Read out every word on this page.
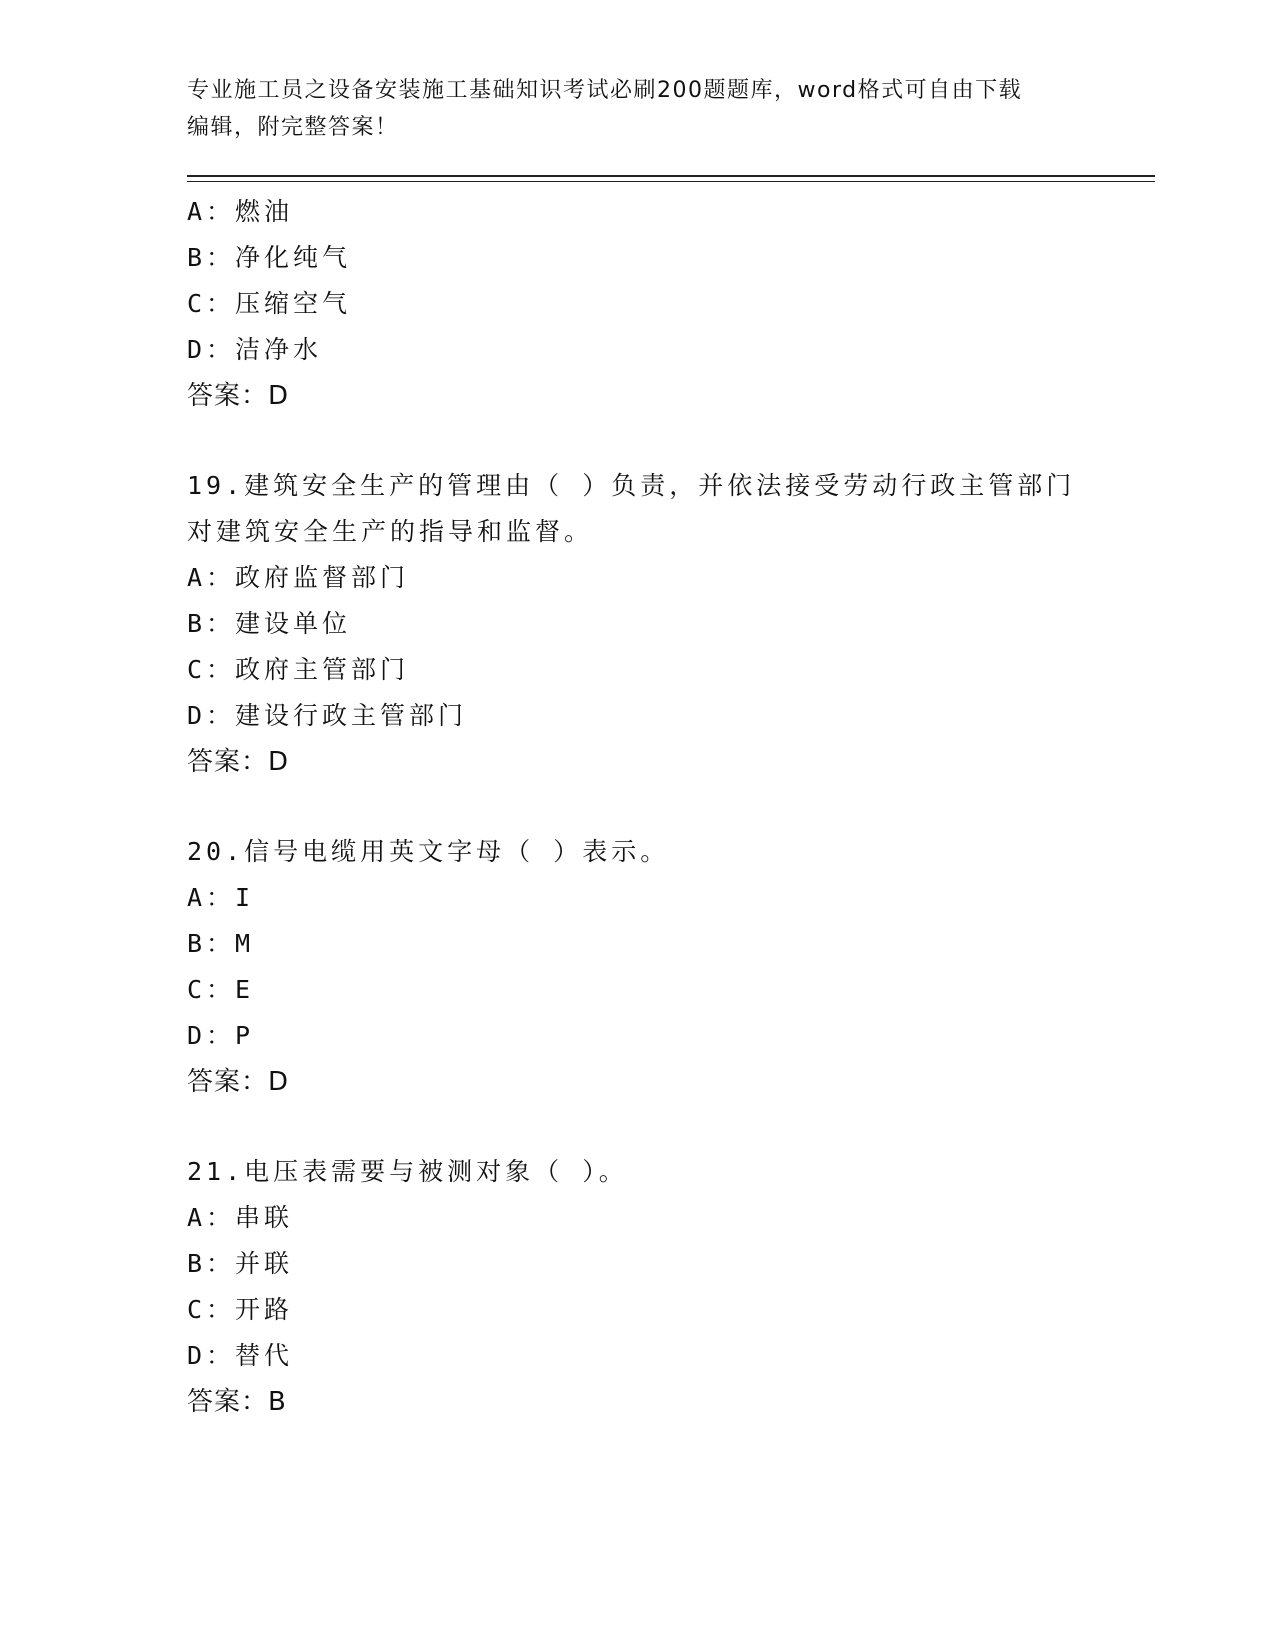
专业施工员之设备安装施工基础知识考试必刷200题题库，word格式可自由下载
编辑，附完整答案！
A：燃油
B：净化纯气
C：压缩空气
D：洁净水
答案：D
19.建筑安全生产的管理由（ ）负责，并依法接受劳动行政主管部门
对建筑安全生产的指导和监督。
A：政府监督部门
B：建设单位
C：政府主管部门
D：建设行政主管部门
答案：D
20.信号电缆用英文字母（ ）表示。
A：I
B：M
C：E
D：P
答案：D
21.电压表需要与被测对象（ ）。
A：串联
B：并联
C：开路
D：替代
答案：B
